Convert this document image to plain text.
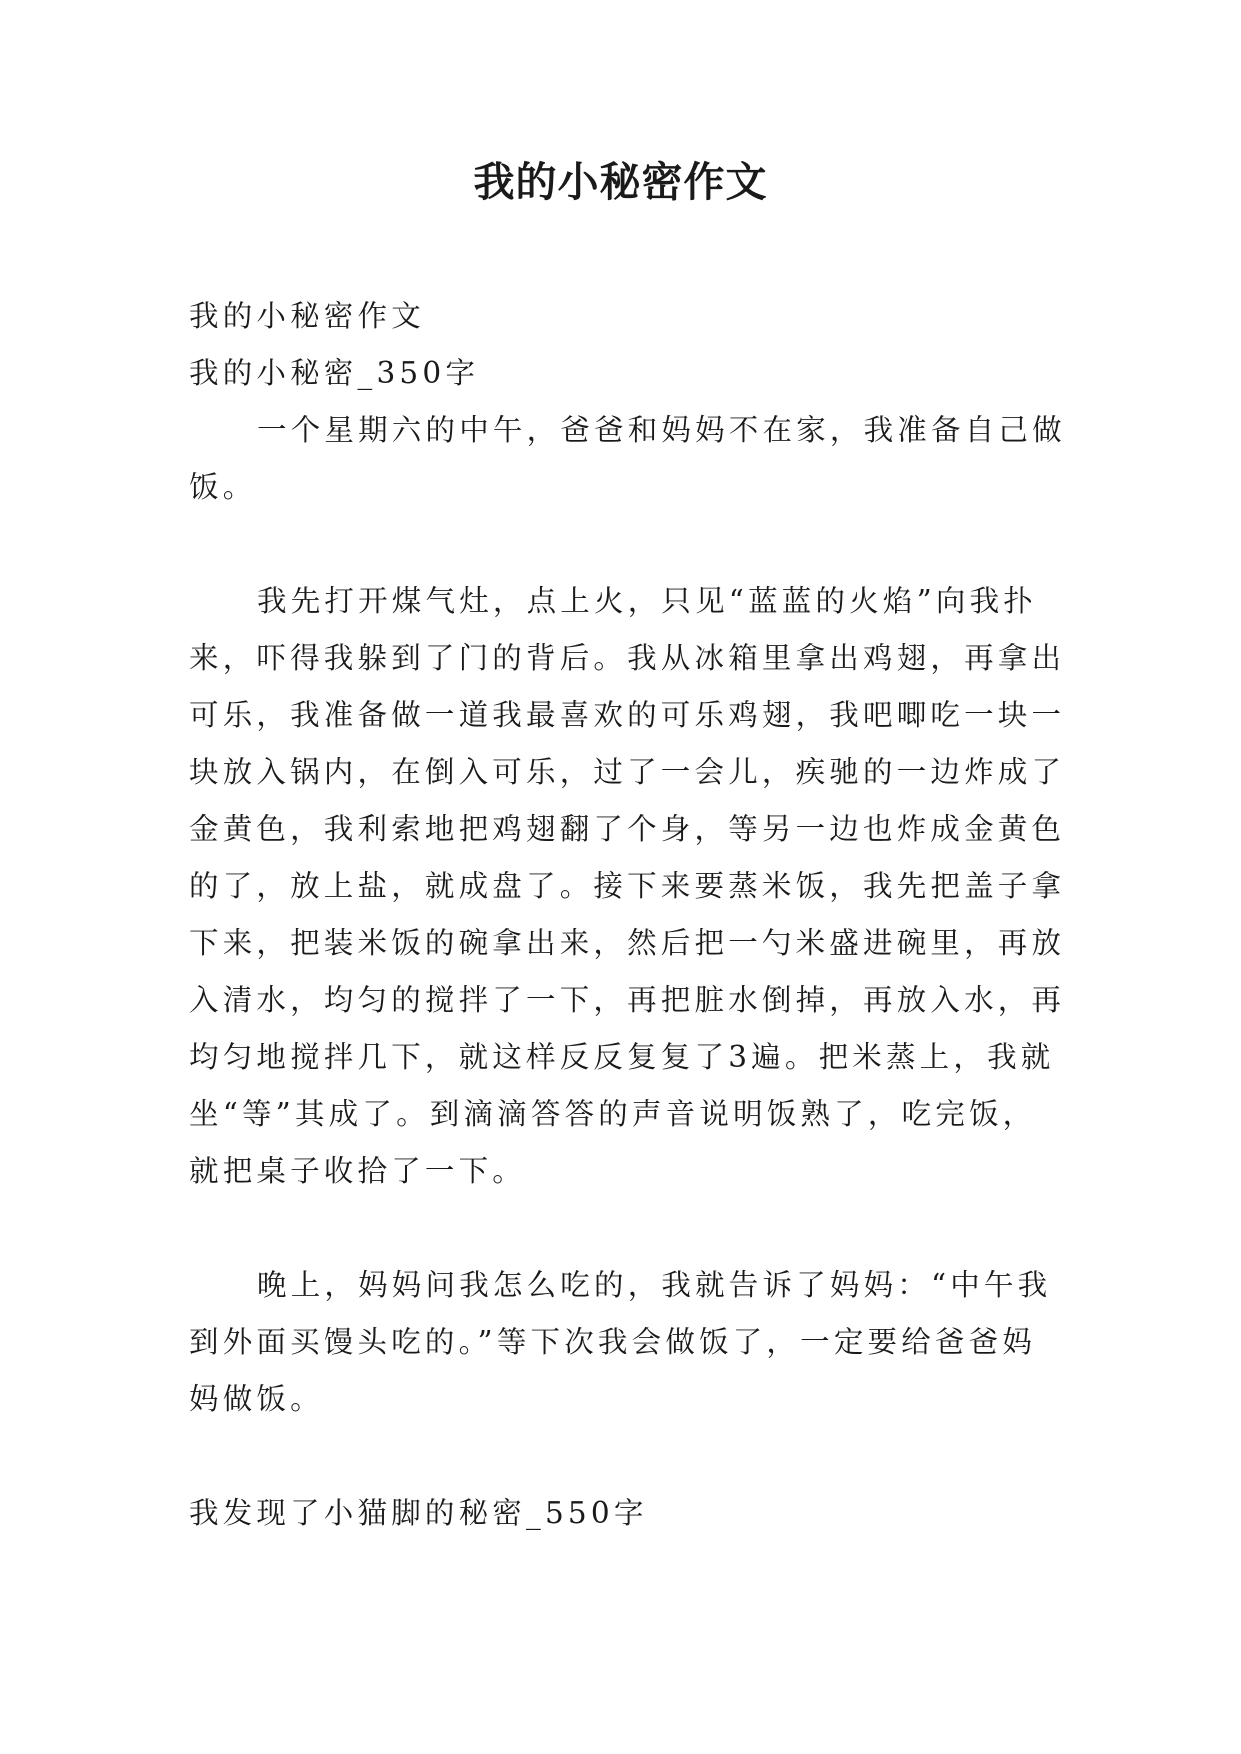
我的小秘密作文
我的小秘密作文
我的小秘密_350字
一个星期六的中午，爸爸和妈妈不在家，我准备自己做
饭。
我先打开煤气灶，点上火，只见“蓝蓝的火焰”向我扑
来，吓得我躲到了门的背后。我从冰箱里拿出鸡翅，再拿出
可乐，我准备做一道我最喜欢的可乐鸡翅，我吧唧吃一块一
块放入锅内，在倒入可乐，过了一会儿，疾驰的一边炸成了
金黄色，我利索地把鸡翅翻了个身，等另一边也炸成金黄色
的了，放上盐，就成盘了。接下来要蒸米饭，我先把盖子拿
下来，把装米饭的碗拿出来，然后把一勺米盛进碗里，再放
入清水，均匀的搅拌了一下，再把脏水倒掉，再放入水，再
均匀地搅拌几下，就这样反反复复了3遍。把米蒸上，我就
坐“等”其成了。到滴滴答答的声音说明饭熟了，吃完饭，
就把桌子收拾了一下。
晚上，妈妈问我怎么吃的，我就告诉了妈妈：“中午我
到外面买馒头吃的。”等下次我会做饭了，一定要给爸爸妈
妈做饭。
我发现了小猫脚的秘密_550字
